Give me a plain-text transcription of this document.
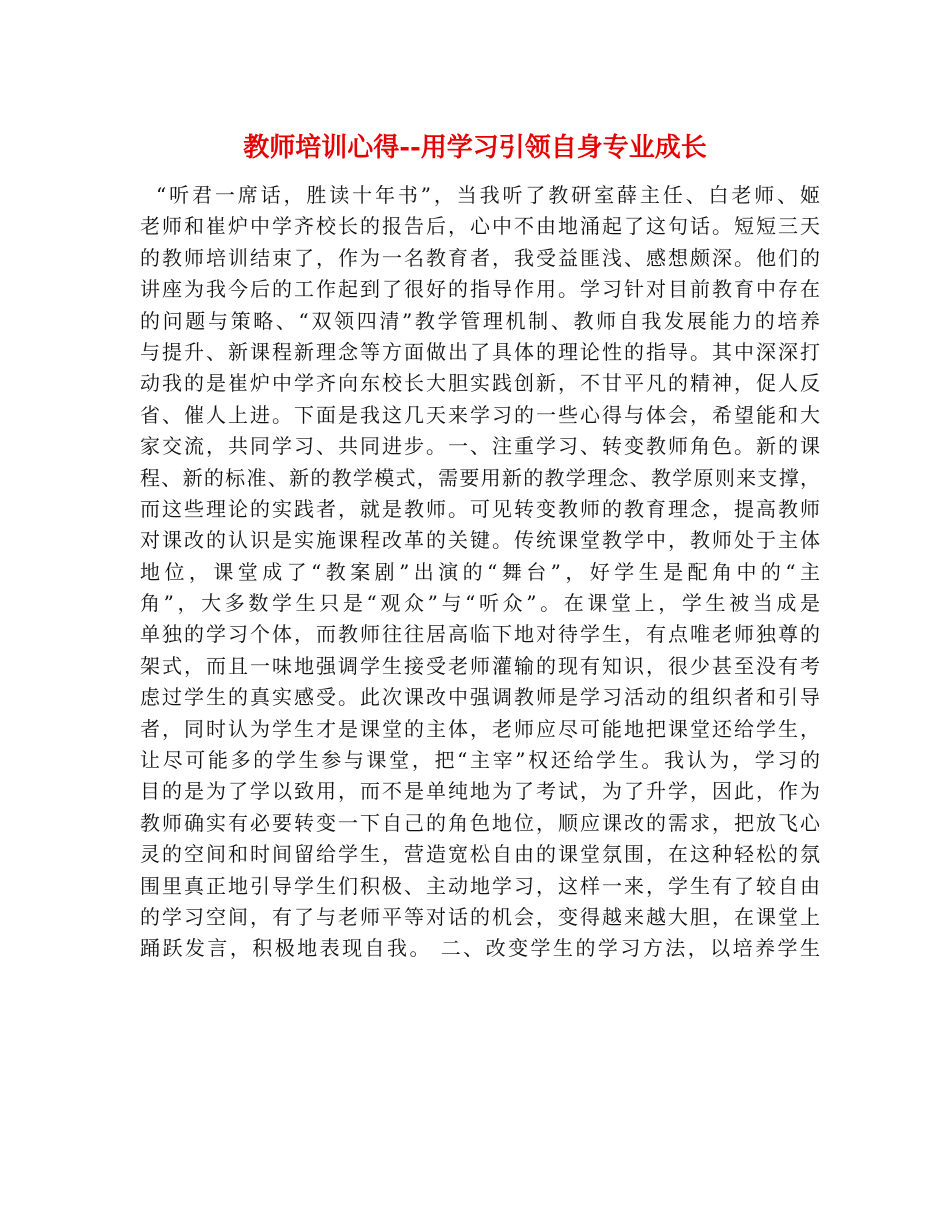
教师培训心得--用学习引领自身专业成长
“听君一席话，胜读十年书”，当我听了教研室薛主任、白老师、姬
老师和崔炉中学齐校长的报告后，心中不由地涌起了这句话。短短三天
的教师培训结束了，作为一名教育者，我受益匪浅、感想颇深。他们的
讲座为我今后的工作起到了很好的指导作用。学习针对目前教育中存在
的问题与策略、“双领四清”教学管理机制、教师自我发展能力的培养
与提升、新课程新理念等方面做出了具体的理论性的指导。其中深深打
动我的是崔炉中学齐向东校长大胆实践创新，不甘平凡的精神，促人反
省、催人上进。下面是我这几天来学习的一些心得与体会，希望能和大
家交流，共同学习、共同进步。一、注重学习、转变教师角色。新的课
程、新的标准、新的教学模式，需要用新的教学理念、教学原则来支撑，
而这些理论的实践者，就是教师。可见转变教师的教育理念，提高教师
对课改的认识是实施课程改革的关键。传统课堂教学中，教师处于主体
地位，课堂成了“教案剧”出演的“舞台”，好学生是配角中的“主
角”，大多数学生只是“观众”与“听众”。在课堂上，学生被当成是
单独的学习个体，而教师往往居高临下地对待学生，有点唯老师独尊的
架式，而且一味地强调学生接受老师灌输的现有知识，很少甚至没有考
虑过学生的真实感受。此次课改中强调教师是学习活动的组织者和引导
者，同时认为学生才是课堂的主体，老师应尽可能地把课堂还给学生，
让尽可能多的学生参与课堂，把“主宰”权还给学生。我认为，学习的
目的是为了学以致用，而不是单纯地为了考试，为了升学，因此，作为
教师确实有必要转变一下自己的角色地位，顺应课改的需求，把放飞心
灵的空间和时间留给学生，营造宽松自由的课堂氛围，在这种轻松的氛
围里真正地引导学生们积极、主动地学习，这样一来，学生有了较自由
的学习空间，有了与老师平等对话的机会，变得越来越大胆，在课堂上
踊跃发言，积极地表现自我。 二、改变学生的学习方法，以培养学生
